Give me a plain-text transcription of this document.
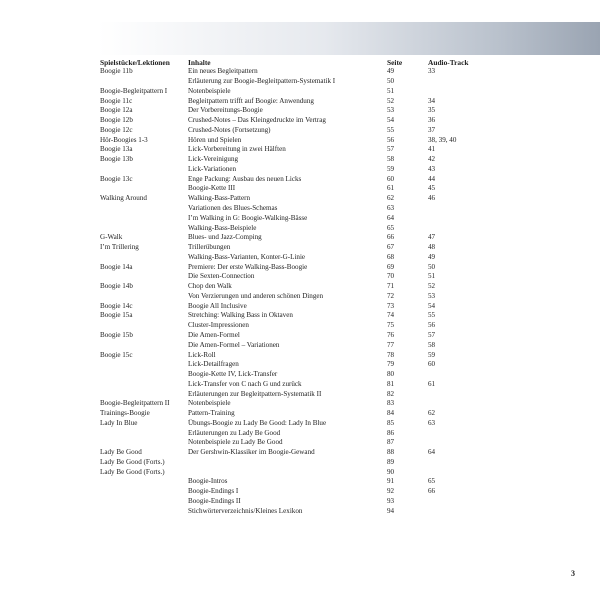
Spielstücke/Lektionen Inhalte	Seite	Audio-Track
Boogie 11b	Ein neues Begleitpattern	49	33
Erläuterung zur Boogie-Begleitpattern-Systematik I	50
Boogie-Begleitpattern I	Notenbeispiele	51
Boogie 11c	Begleitpattern trifft auf Boogie: Anwendung	52	34
Boogie 12a	Der Vorbereitungs-Boogie	53	35
Boogie 12b	Crushed-Notes – Das Kleingedruckte im Vertrag	54	36
Boogie 12c	Crushed-Notes (Fortsetzung)	55	37
Hör-Boogies 1-3	Hören und Spielen	56	38, 39, 40
Boogie 13a	Lick-Vorbereitung in zwei Hälften	57	41
Boogie 13b	Lick-Vereinigung	58	42
Lick-Variationen	59	43
Boogie 13c	Enge Packung: Ausbau des neuen Licks	60	44
Boogie-Kette III	61	45
Walking Around	Walking-Bass-Pattern	62	46
Variationen des Blues-Schemas	63
I’m Walking in G: Boogie-Walking-Bässe	64
Walking-Bass-Beispiele	65
G-Walk	Blues- und Jazz-Comping	66	47
I’m Trillering	Trillerübungen	67	48
Walking-Bass-Varianten, Konter-G-Linie	68	49
Boogie 14a	Premiere: Der erste Walking-Bass-Boogie	69	50
Die Sexten-Connection	70	51
Boogie 14b	Chop den Walk	71	52
Von Verzierungen und anderen schönen Dingen	72	53
Boogie 14c	Boogie All Inclusive	73	54
Boogie 15a	Stretching: Walking Bass in Oktaven	74	55
Cluster-Impressionen	75	56
Boogie 15b	Die Amen-Formel	76	57
Die Amen-Formel – Variationen	77	58
Boogie 15c	Lick-Roll	78	59
Lick-Detailfragen	79	60
Boogie-Kette IV, Lick-Transfer	80
Lick-Transfer von C nach G und zurück	81	61
Erläuterungen zur Begleitpattern-Systematik II	82
Boogie-Begleitpattern II	Notenbeispiele	83
Trainings-Boogie	Pattern-Training	84	62
Lady In Blue	Übungs-Boogie zu Lady Be Good: Lady In Blue	85	63
Erläuterungen zu Lady Be Good	86
Notenbeispiele zu Lady Be Good	87
Lady Be Good	Der Gershwin-Klassiker im Boogie-Gewand	88	64
Lady Be Good (Forts.)	89
Lady Be Good (Forts.)	90
Boogie-Intros	91	65
Boogie-Endings I	92	66
Boogie-Endings II	93
Stichwörterverzeichnis/Kleines Lexikon	94
3
